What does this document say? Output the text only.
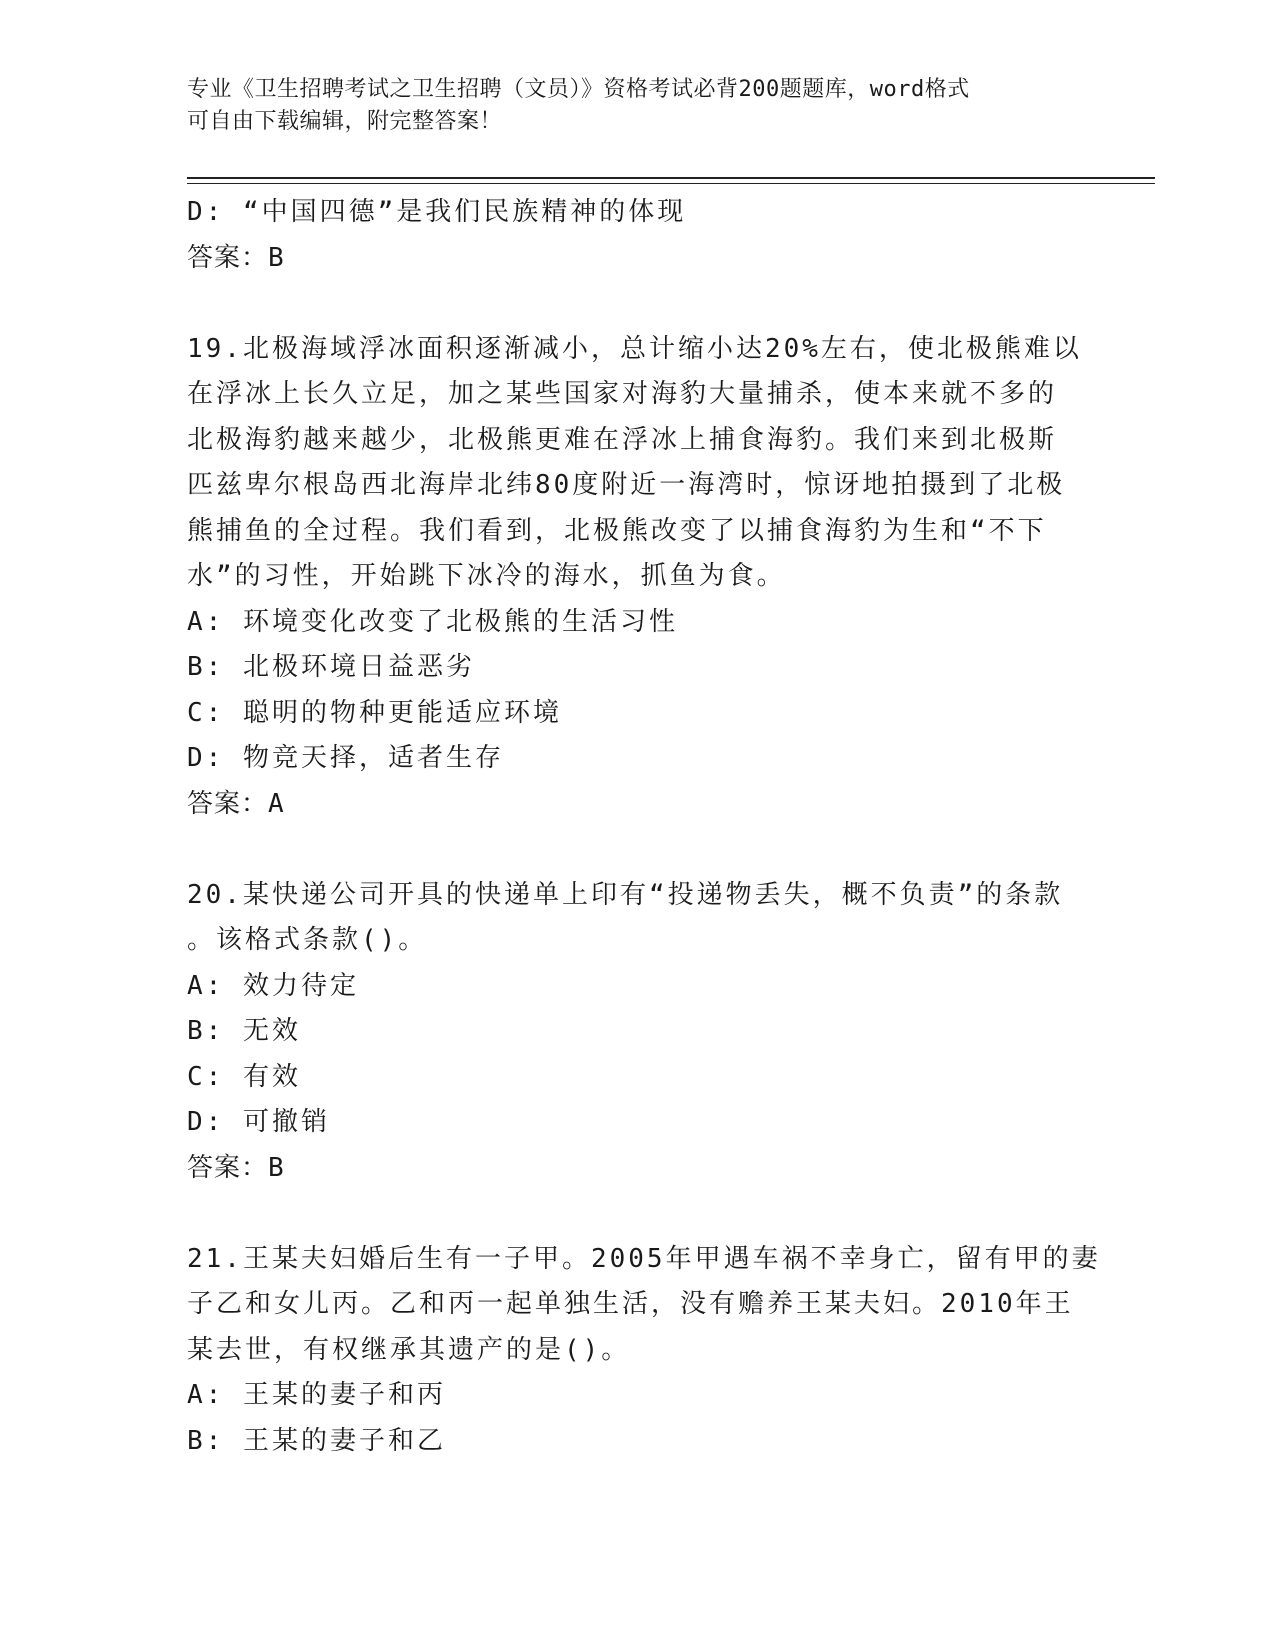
专业《卫生招聘考试之卫生招聘（文员）》资格考试必背200题题库，word格式
可自由下载编辑，附完整答案！
D: “中国四德”是我们民族精神的体现
答案：B
19.北极海域浮冰面积逐渐减小，总计缩小达20%左右，使北极熊难以
在浮冰上长久立足，加之某些国家对海豹大量捕杀，使本来就不多的
北极海豹越来越少，北极熊更难在浮冰上捕食海豹。我们来到北极斯
匹兹卑尔根岛西北海岸北纬80度附近一海湾时，惊讶地拍摄到了北极
熊捕鱼的全过程。我们看到，北极熊改变了以捕食海豹为生和“不下
水”的习性，开始跳下冰冷的海水，抓鱼为食。
A: 环境变化改变了北极熊的生活习性
B: 北极环境日益恶劣
C: 聪明的物种更能适应环境
D: 物竞天择，适者生存
答案：A
20.某快递公司开具的快递单上印有“投递物丢失，概不负责”的条款
。该格式条款()。
A: 效力待定
B: 无效
C: 有效
D: 可撤销
答案：B
21.王某夫妇婚后生有一子甲。2005年甲遇车祸不幸身亡，留有甲的妻
子乙和女儿丙。乙和丙一起单独生活，没有赡养王某夫妇。2010年王
某去世，有权继承其遗产的是()。
A: 王某的妻子和丙
B: 王某的妻子和乙
